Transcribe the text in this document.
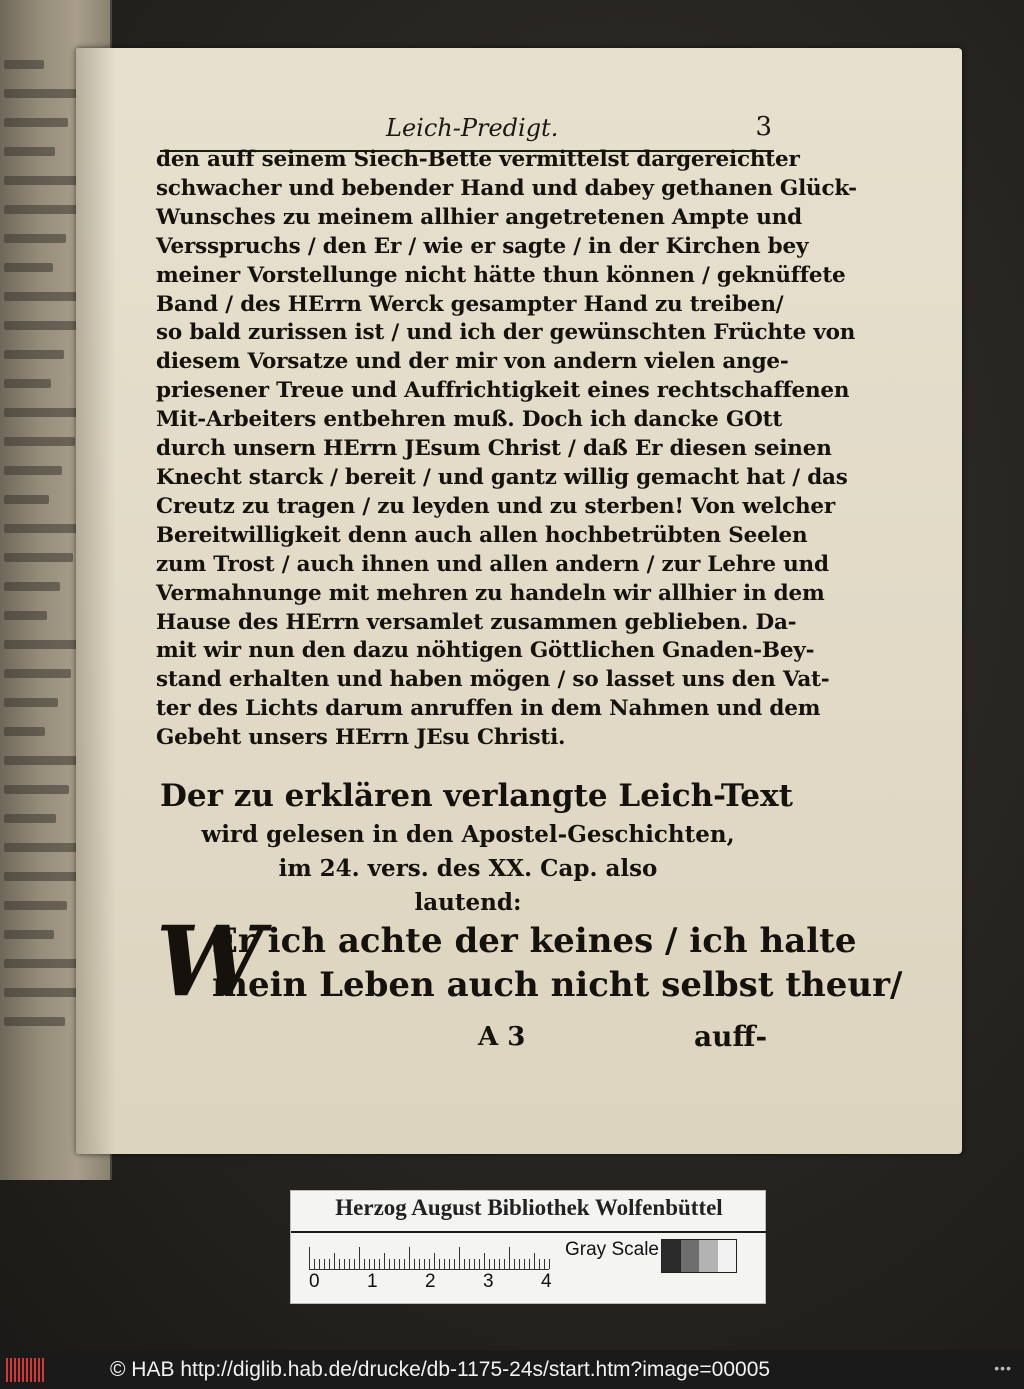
Leich-Predigt.	3
den auff seinem Siech-Bette vermittelst dargereichter
schwacher und bebender Hand und dabey gethanen Glück-
Wunsches zu meinem allhier angetretenen Ampte und
Versspruchs / den Er / wie er sagte / in der Kirchen bey
meiner Vorstellunge nicht hätte thun können / geknüffete
Band / des HErrn Werck gesampter Hand zu treiben/
so bald zurissen ist / und ich der gewünschten Früchte von
diesem Vorsatze und der mir von andern vielen ange-
priesener Treue und Auffrichtigkeit eines rechtschaffenen
Mit-Arbeiters entbehren muß. Doch ich dancke GOtt
durch unsern HErrn JEsum Christ / daß Er diesen seinen
Knecht starck / bereit / und gantz willig gemacht hat / das
Creutz zu tragen / zu leyden und zu sterben! Von welcher
Bereitwilligkeit denn auch allen hochbetrübten Seelen
zum Trost / auch ihnen und allen andern / zur Lehre und
Vermahnunge mit mehren zu handeln wir allhier in dem
Hause des HErrn versamlet zusammen geblieben. Da-
mit wir nun den dazu nöhtigen Göttlichen Gnaden-Bey-
stand erhalten und haben mögen / so lasset uns den Vat-
ter des Lichts darum anruffen in dem Nahmen und dem
Gebeht unsers HErrn JEsu Christi.
Der zu erklären verlangte Leich-Text
wird gelesen in den Apostel-Geschichten,
im 24. vers. des XX. Cap. also
lautend:
W
Er ich achte der keines / ich halte
mein Leben auch nicht selbst theur/
A 3	auff-
Herzog August Bibliothek Wolfenbüttel
0 1 2 3 4
Gray Scale
© HAB http://diglib.hab.de/drucke/db-1175-24s/start.htm?image=00005	•••
